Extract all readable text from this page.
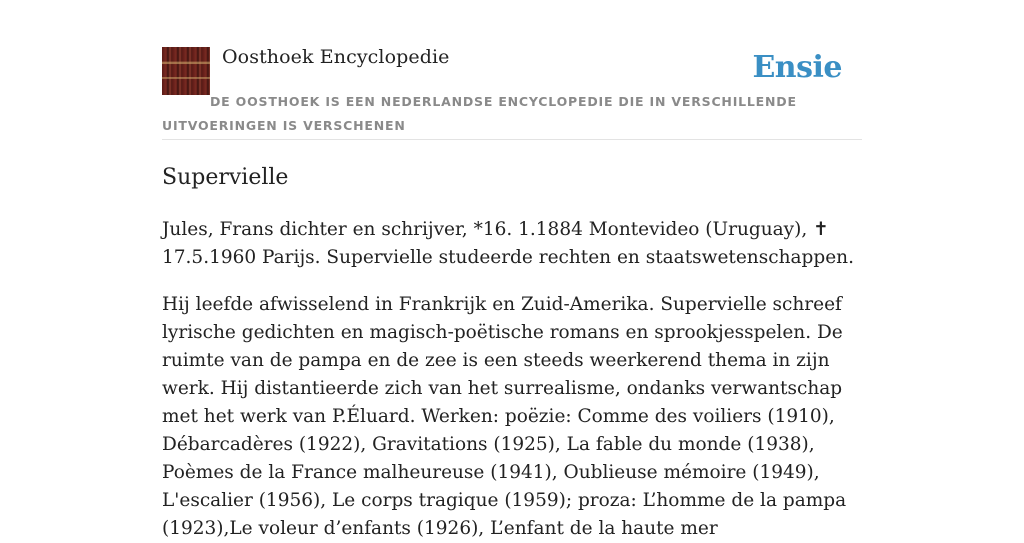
Oosthoek Encyclopedie	Ensie
DE OOSTHOEK IS EEN NEDERLANDSE ENCYCLOPEDIE DIE IN VERSCHILLENDE UITVOERINGEN IS VERSCHENEN
Supervielle

Jules, Frans dichter en schrijver, *16. 1.1884 Montevideo (Uruguay), ✝ 17.5.1960 Parijs. Supervielle studeerde rechten en staatswetenschappen.

Hij leefde afwisselend in Frankrijk en Zuid-Amerika. Supervielle schreef lyrische gedichten en magisch-poëtische romans en sprookjesspelen. De ruimte van de pampa en de zee is een steeds weerkerend thema in zijn werk. Hij distantieerde zich van het surrealisme, ondanks verwantschap met het werk van P.Éluard. Werken: poëzie: Comme des voiliers (1910), Débarcadères (1922), Gravitations (1925), La fable du monde (1938), Poèmes de la France malheureuse (1941), Oublieuse mémoire (1949), L'escalier (1956), Le corps tragique (1959); proza: L’homme de la pampa (1923),Le voleur d’enfants (1926), L’enfant de la haute mer
